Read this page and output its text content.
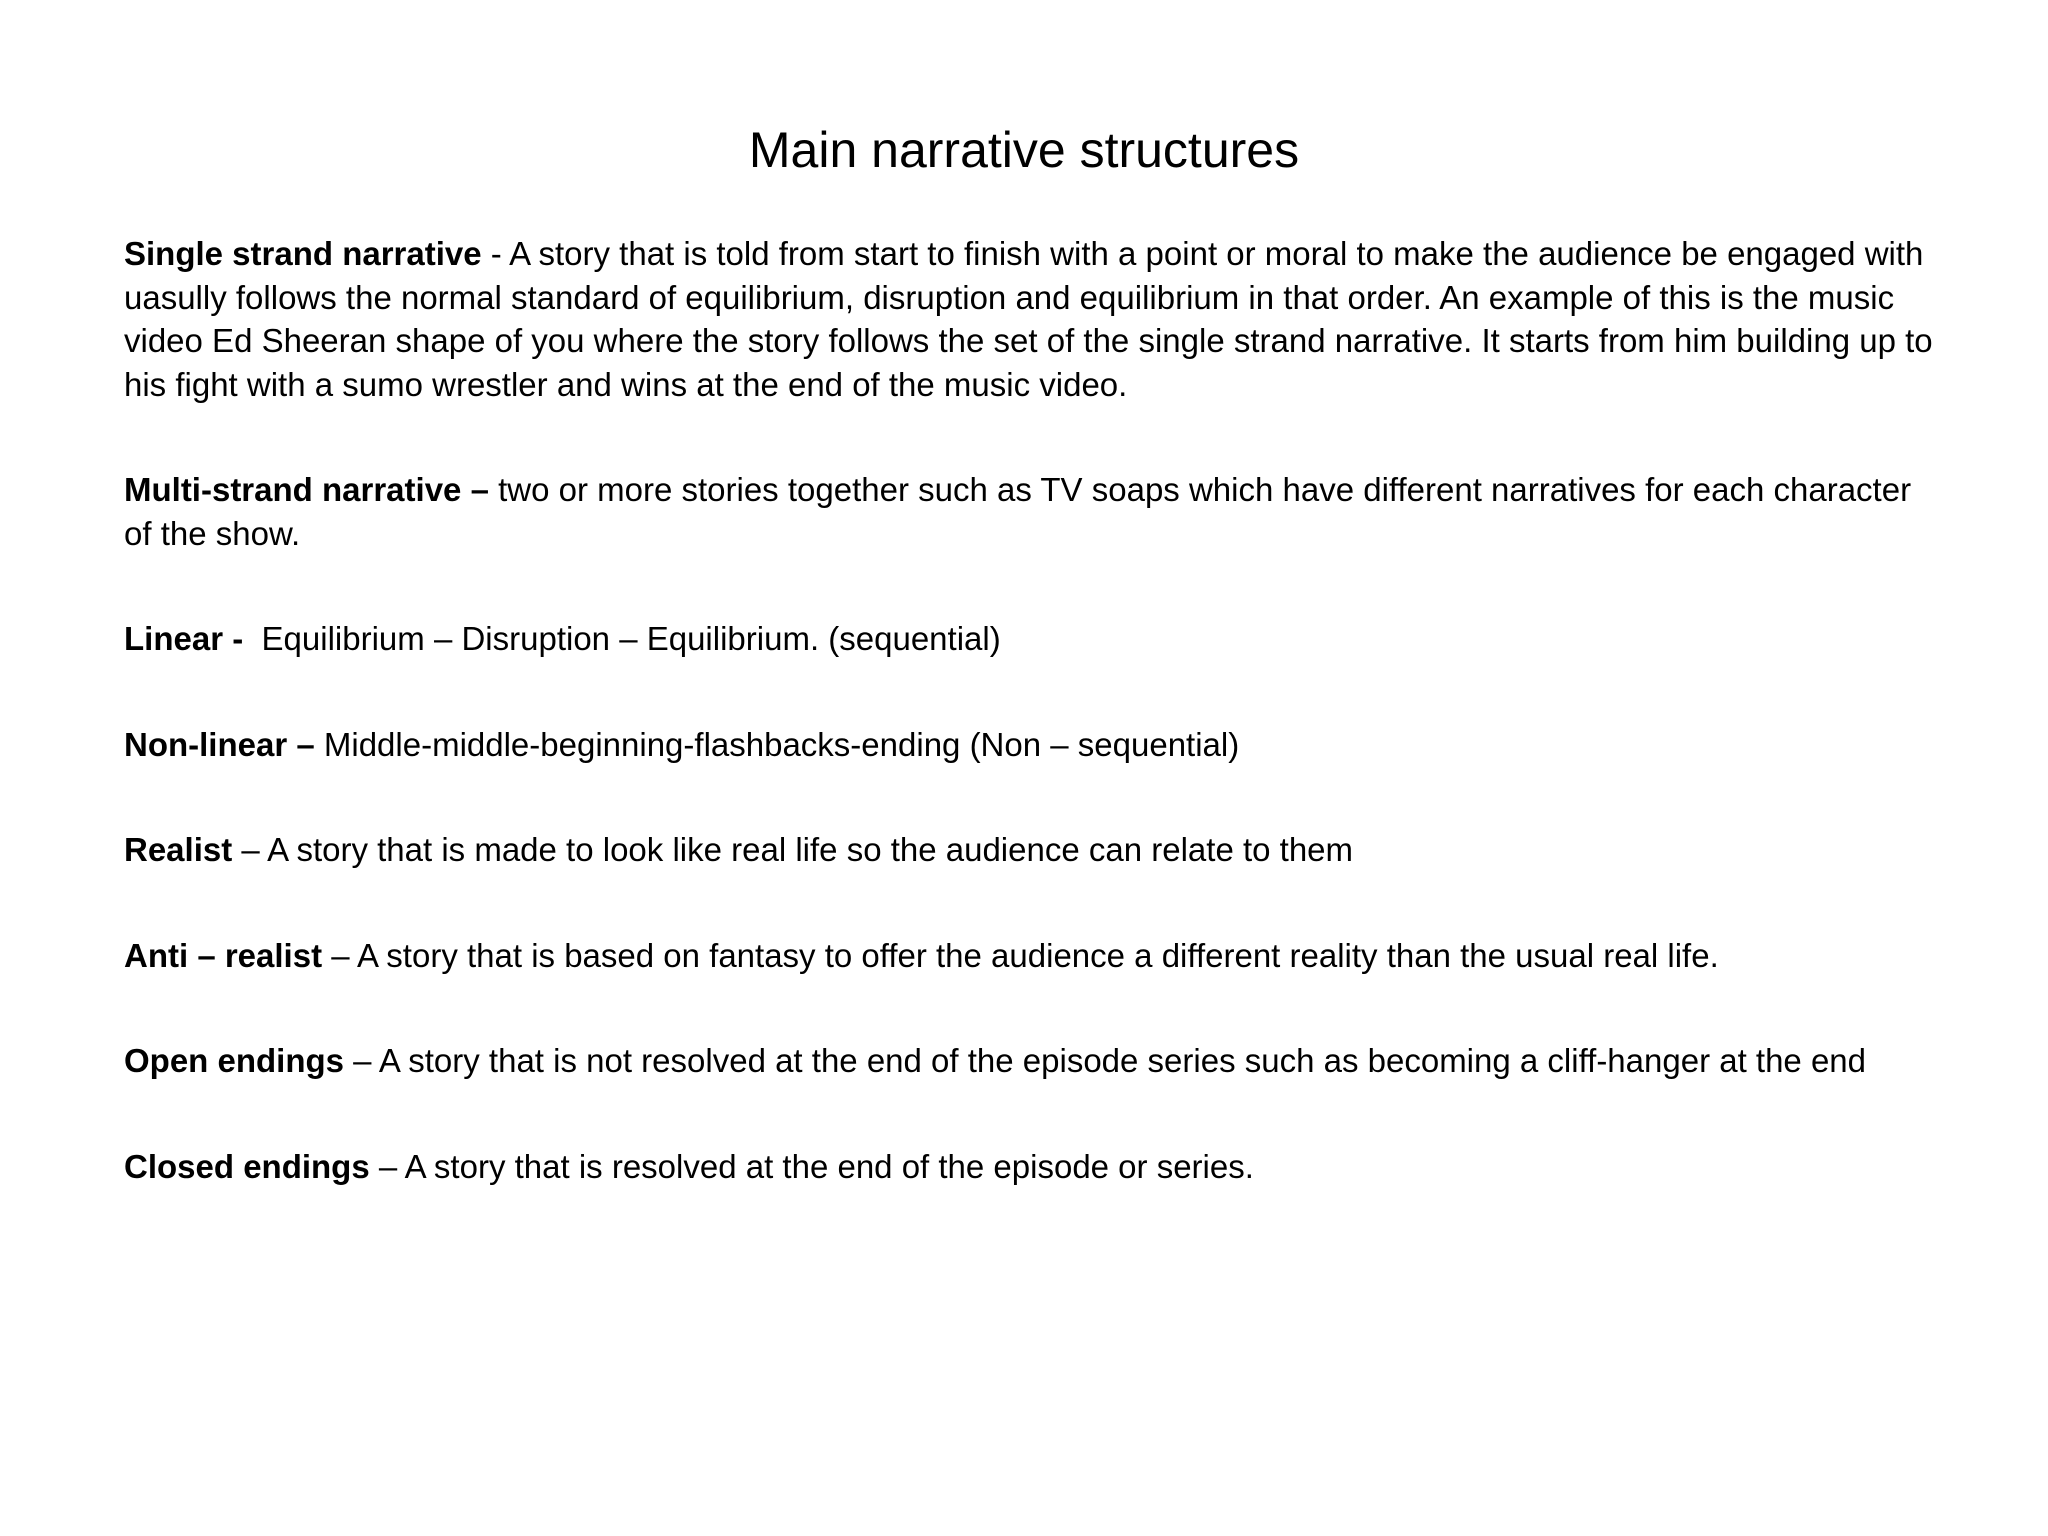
Main narrative structures

Single strand narrative - A story that is told from start to finish with a point or moral to make the audience be engaged with uasully follows the normal standard of equilibrium, disruption and equilibrium in that order. An example of this is the music video Ed Sheeran shape of you where the story follows the set of the single strand narrative. It starts from him building up to his fight with a sumo wrestler and wins at the end of the music video.

Multi-strand narrative – two or more stories together such as TV soaps which have different narratives for each character of the show.

Linear - Equilibrium – Disruption – Equilibrium. (sequential)

Non-linear – Middle-middle-beginning-flashbacks-ending (Non – sequential)

Realist – A story that is made to look like real life so the audience can relate to them

Anti – realist – A story that is based on fantasy to offer the audience a different reality than the usual real life.

Open endings – A story that is not resolved at the end of the episode series such as becoming a cliff-hanger at the end

Closed endings – A story that is resolved at the end of the episode or series.
